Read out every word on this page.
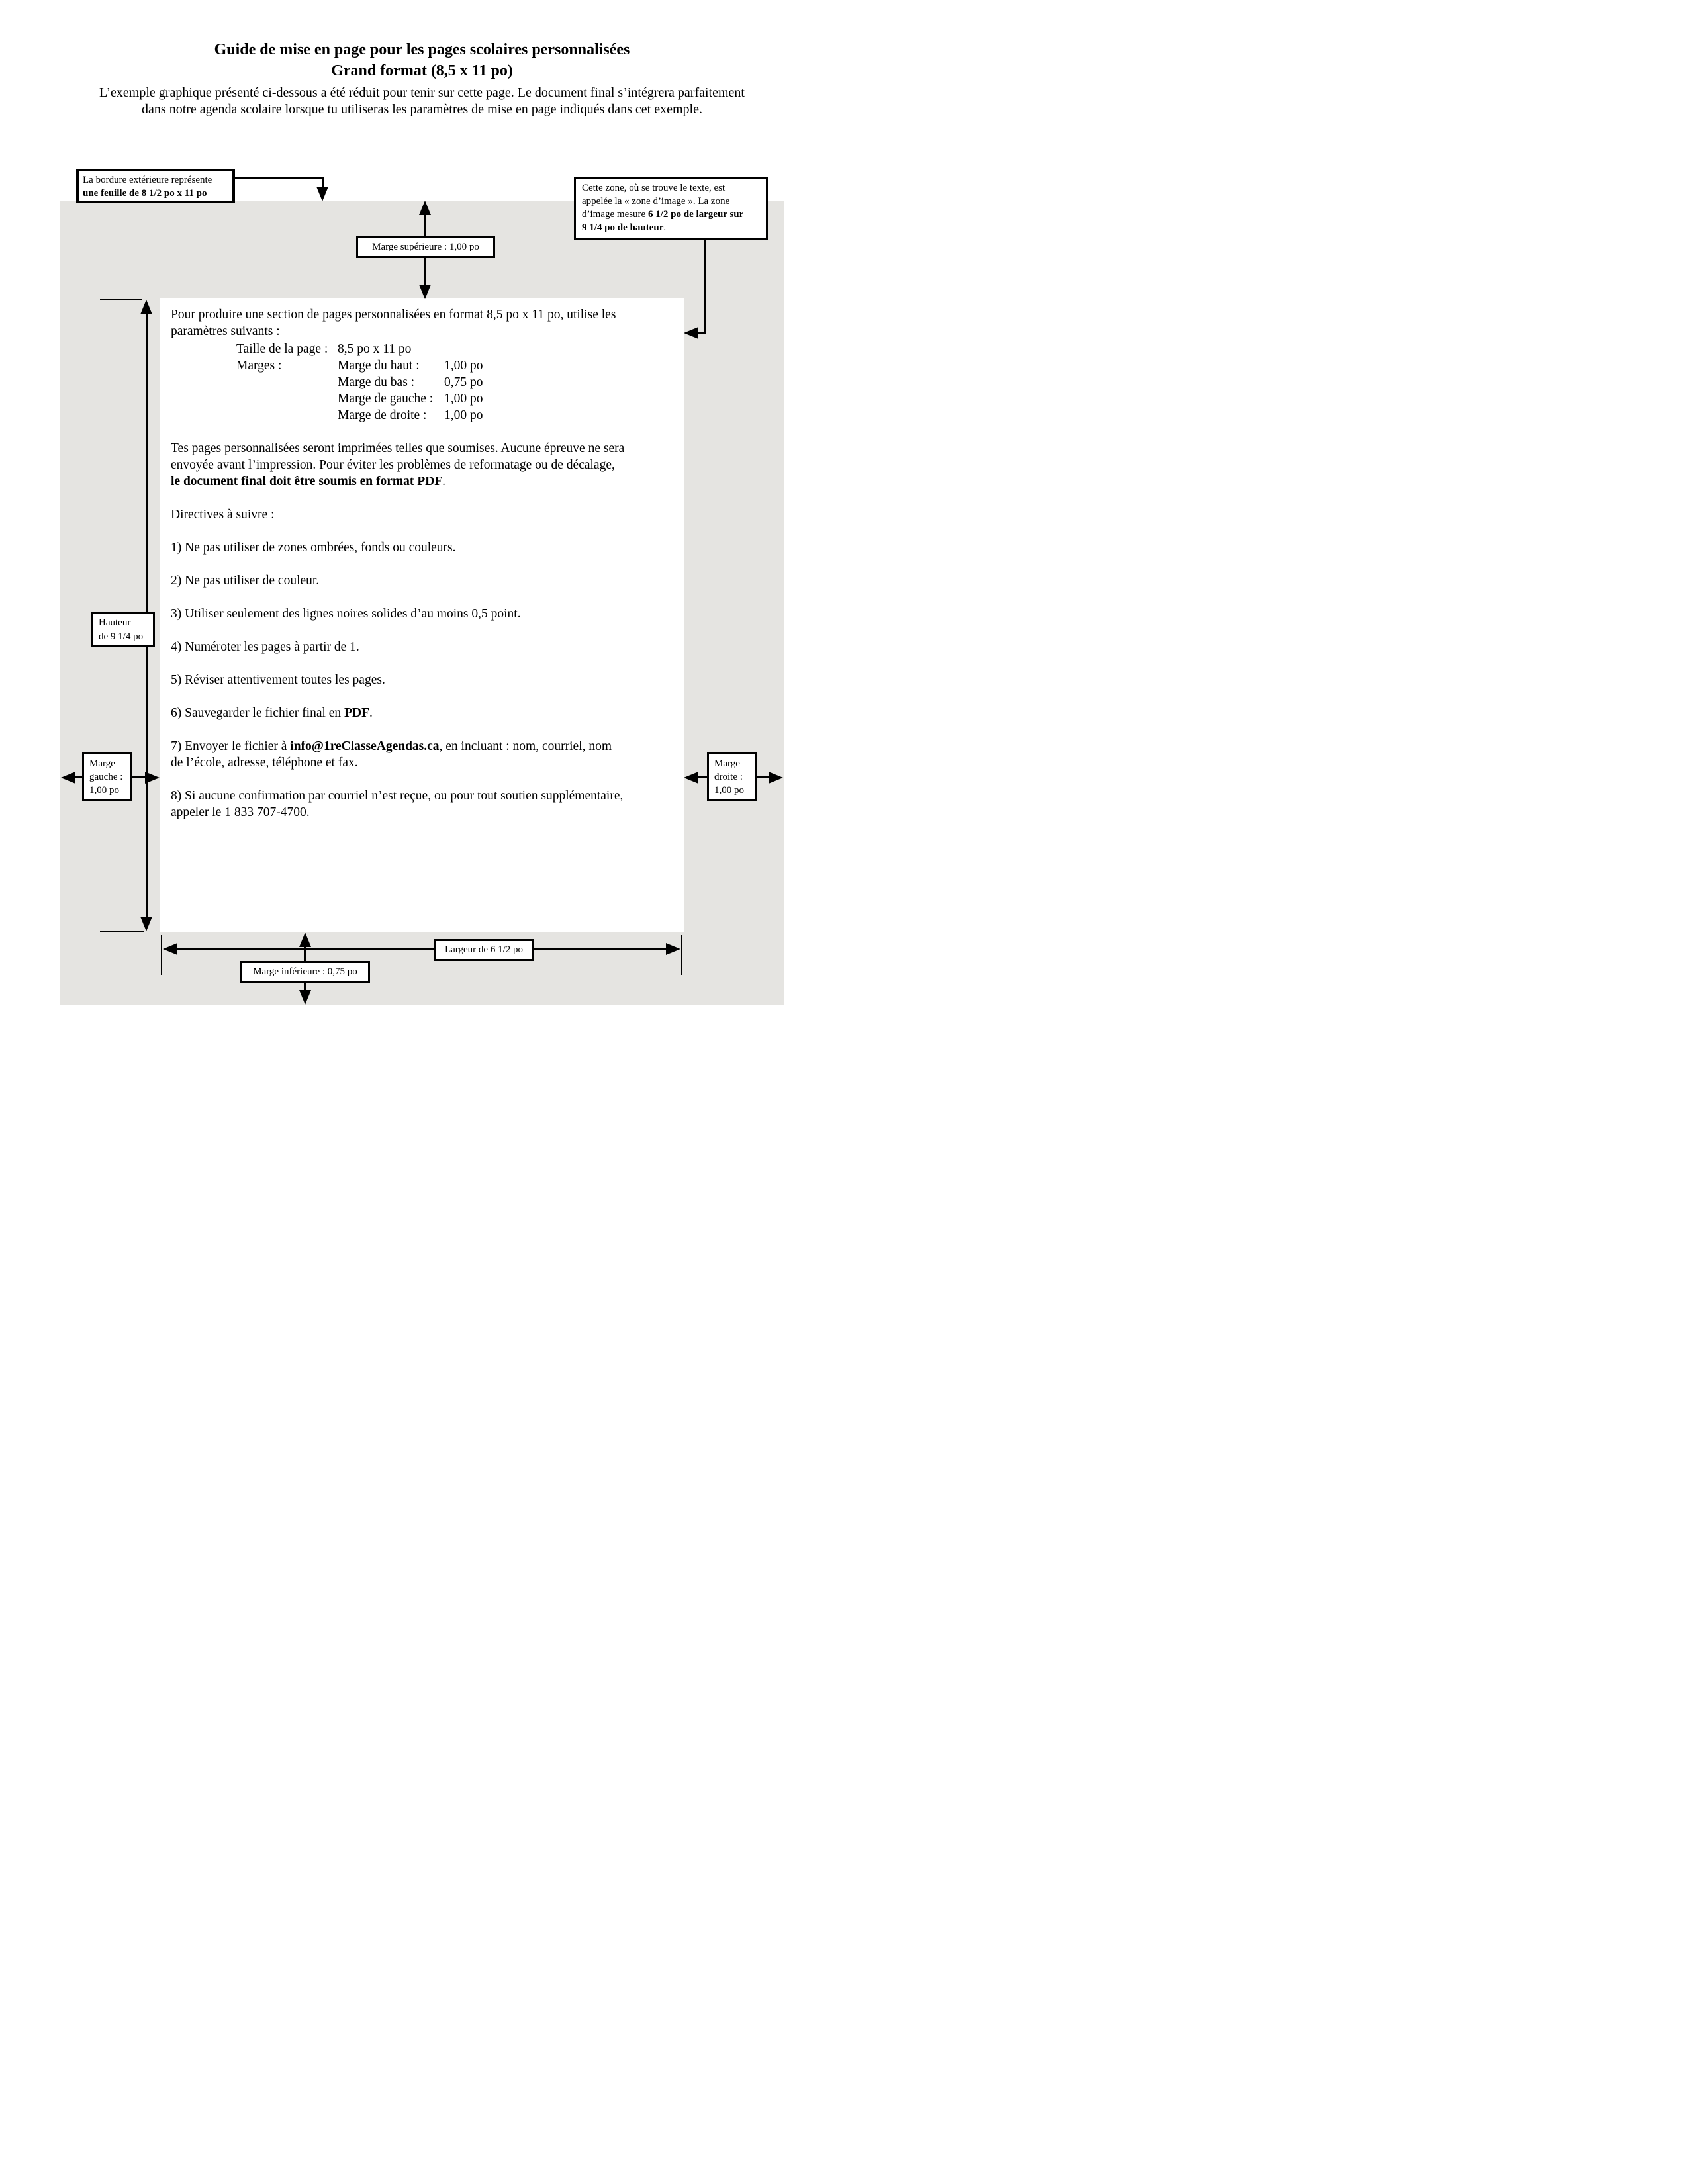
Guide de mise en page pour les pages scolaires personnalisées
Grand format (8,5 x 11 po)
L’exemple graphique présenté ci-dessous a été réduit pour tenir sur cette page. Le document final s’intégrera parfaitement
dans notre agenda scolaire lorsque tu utiliseras les paramètres de mise en page indiqués dans cet exemple.
Pour produire une section de pages personnalisées en format 8,5 po x 11 po, utilise les
paramètres suivants :
Taille de la page : 8,5 po x 11 po
Marges :	Marge du haut : 1,00 po
Marge du bas : 0,75 po
Marge de gauche : 1,00 po
Marge de droite : 1,00 po
Tes pages personnalisées seront imprimées telles que soumises. Aucune épreuve ne sera
envoyée avant l’impression. Pour éviter les problèmes de reformatage ou de décalage,
le document final doit être soumis en format PDF.
Directives à suivre :
1) Ne pas utiliser de zones ombrées, fonds ou couleurs.
2) Ne pas utiliser de couleur.
3) Utiliser seulement des lignes noires solides d’au moins 0,5 point.
4) Numéroter les pages à partir de 1.
5) Réviser attentivement toutes les pages.
6) Sauvegarder le fichier final en PDF.
7) Envoyer le fichier à info@1reClasseAgendas.ca, en incluant : nom, courriel, nom
de l’école, adresse, téléphone et fax.
8) Si aucune confirmation par courriel n’est reçue, ou pour tout soutien supplémentaire,
appeler le 1 833 707-4700.
La bordure extérieure représente
une feuille de 8 1/2 po x 11 po	Cette zone, où se trouve le texte, est
appelée la « zone d’image ». La zone
d’image mesure 6 1/2 po de largeur sur
9 1/4 po de hauteur.
Marge supérieure : 1,00 po
Hauteur
de 9 1/4 po
Marge
gauche :
1,00 po
Marge
droite :
1,00 po
Largeur de 6 1/2 po
Marge inférieure : 0,75 po
